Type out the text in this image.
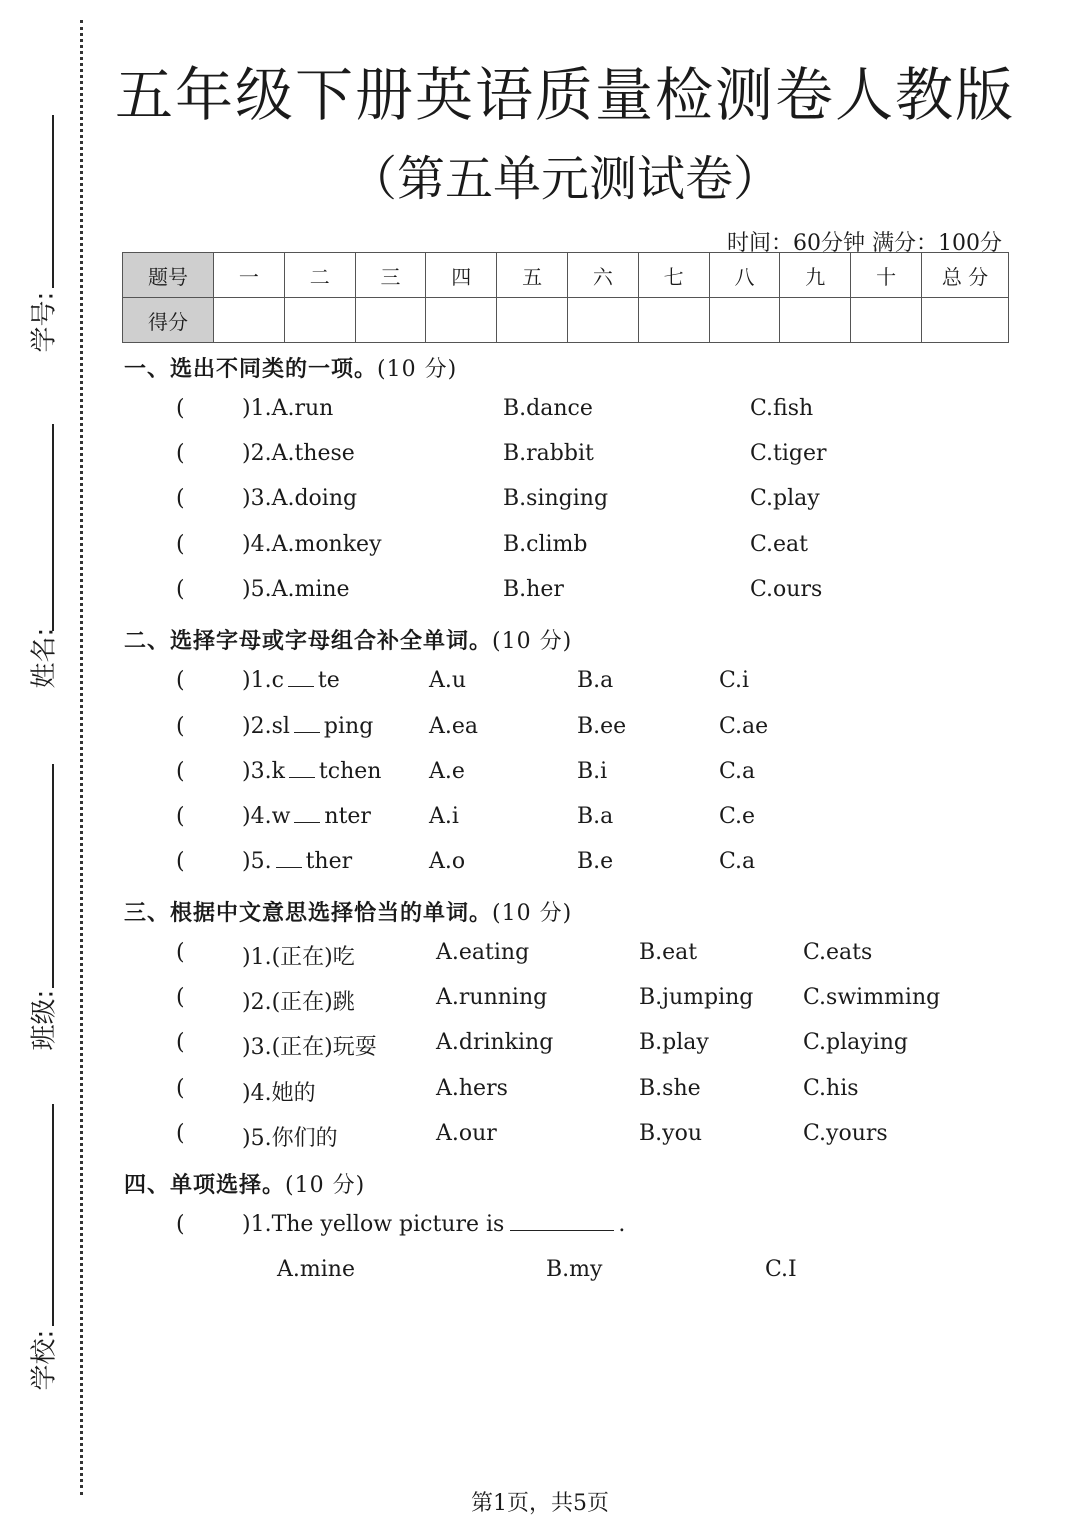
学号:
姓名:
班级:
学校:
五年级下册英语质量检测卷人教版
（第五单元测试卷）
时间：60分钟 满分：100分
题号	一	二	三	四	五	六	七	八	九	十	总 分
得分											
一、选出不同类的一项。(10 分)
(	)1.A.run	B.dance	C.fish
(	)2.A.these	B.rabbit	C.tiger
(	)3.A.doing	B.singing	C.play
(	)4.A.monkey	B.climb	C.eat
(	)5.A.mine	B.her	C.ours
二、选择字母或字母组合补全单词。(10 分)
(	)1.c te	A.u	B.a	C.i
(	)2.sl ping	A.ea	B.ee	C.ae
(	)3.k tchen A.e	B.i	C.a
(	)4.w nter	A.i	B.a	C.e
(	)5. ther	A.o	B.e	C.a
三、根据中文意思选择恰当的单词。(10 分)
(	)1.(正在)吃	A.eating	B.eat	C.eats
(	)2.(正在)跳	A.running	B.jumping C.swimming
(	)3.(正在)玩耍	A.drinking	B.play	C.playing
(	)4.她的	A.hers	B.she	C.his
(	)5.你们的	A.our	B.you	C.yours
四、单项选择。(10 分)
(	)1.The yellow picture is	.
A.mine	B.my	C.I
第1页，共5页
